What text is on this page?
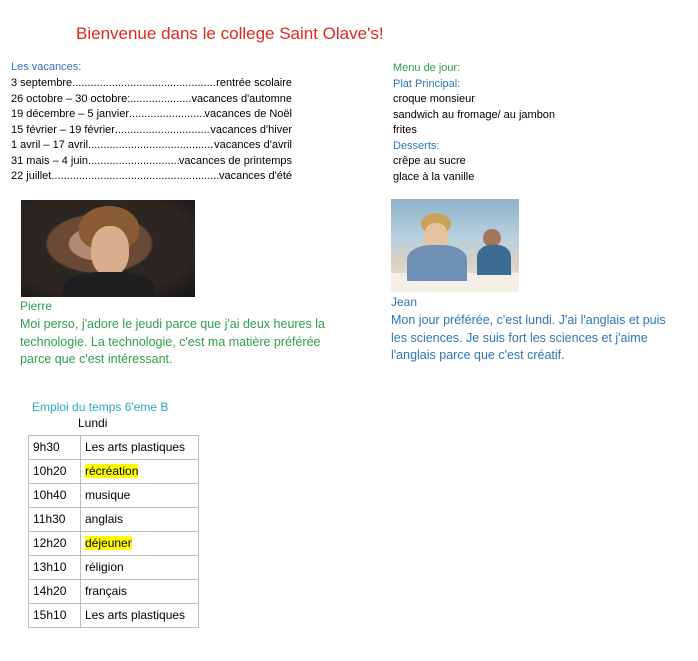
Bienvenue dans le college Saint Olave's!
Les vacances:
3 septembre .....	rentrée scolaire
26 octobre – 30 octobre: .....	vacances d'automne
19 décembre – 5 janvier .....	vacances de Noël
15 février – 19 février .....	vacances d'hiver
1 avril – 17 avril .....	vacances d'avril
31 mais – 4 juin .....	vacances de printemps
22 juillet .....	vacances d'été
Menu de jour:
Plat Principal:
croque monsieur
sandwich au fromage/ au jambon
frites
Desserts:
crêpe au sucre
glace à la vanille
Pierre
Moi perso, j'adore le jeudi parce que j'ai deux heures la technologie. La technologie, c'est ma matière préférée parce que c'est intéressant.
Jean
Mon jour préférée, c'est lundi. J'ai l'anglais et puis les sciences. Je suis fort les sciences et j'aime l'anglais parce que c'est créatif.
Emploi du temps 6'eme B
Lundi
9h30	Les arts plastiques
10h20	récréation
10h40	musique
11h30	anglais
12h20	déjeuner
13h10	réligion
14h20	français
15h10	Les arts plastiques
